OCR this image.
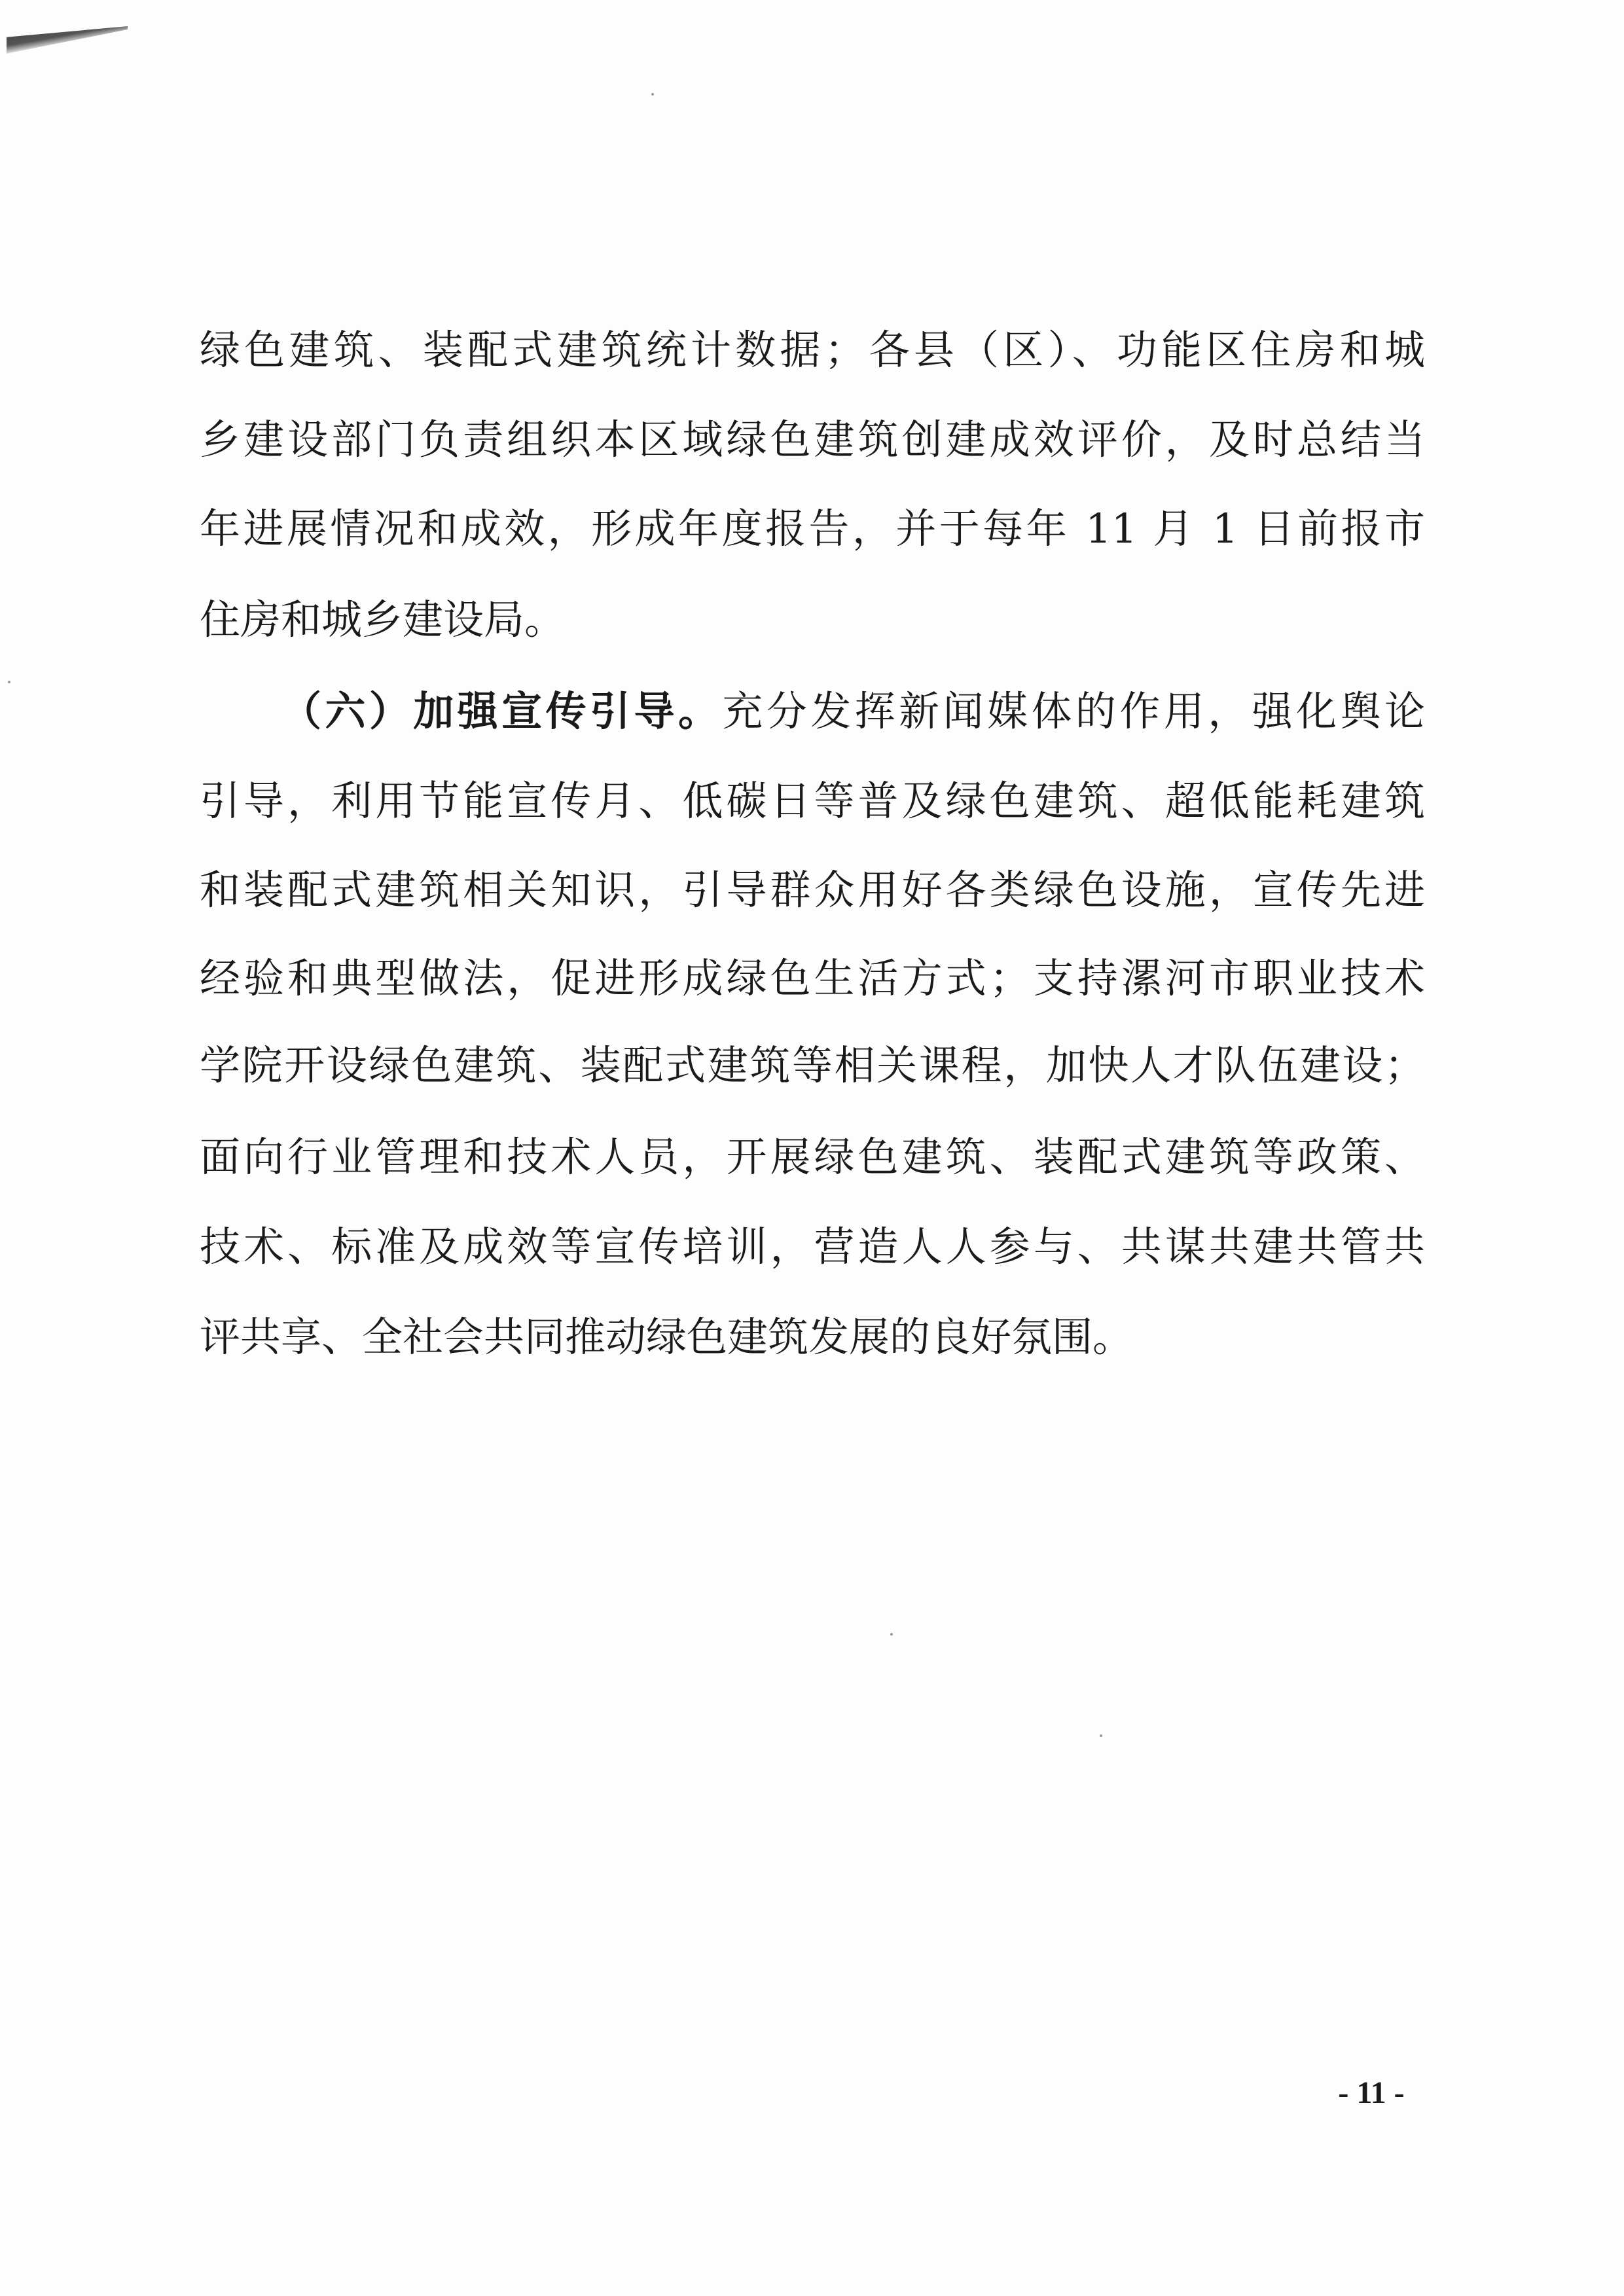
绿色建筑、装配式建筑统计数据；各县（区）、功能区住房和城
乡建设部门负责组织本区域绿色建筑创建成效评价，及时总结当
年进展情况和成效，形成年度报告，并于每年 11 月 1 日前报市
住房和城乡建设局。
（六）加强宣传引导。充分发挥新闻媒体的作用，强化舆论
引导，利用节能宣传月、低碳日等普及绿色建筑、超低能耗建筑
和装配式建筑相关知识，引导群众用好各类绿色设施，宣传先进
经验和典型做法，促进形成绿色生活方式；支持漯河市职业技术
学院开设绿色建筑、装配式建筑等相关课程，加快人才队伍建设；
面向行业管理和技术人员，开展绿色建筑、装配式建筑等政策、
技术、标准及成效等宣传培训，营造人人参与、共谋共建共管共
评共享、全社会共同推动绿色建筑发展的良好氛围。
- 11 -
